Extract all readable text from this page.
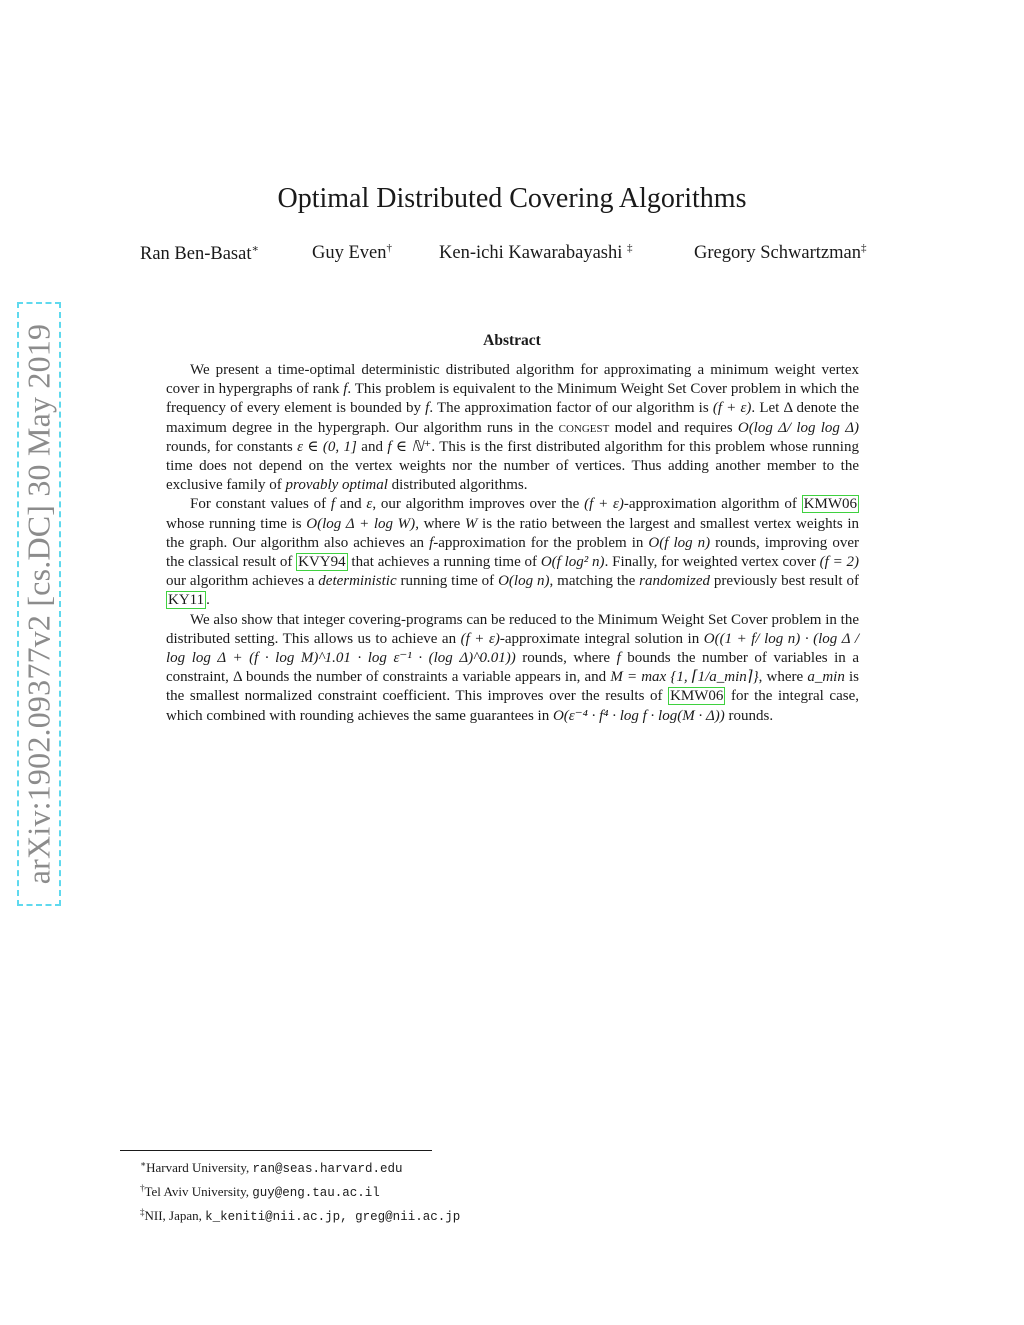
arXiv:1902.09377v2 [cs.DC] 30 May 2019
Optimal Distributed Covering Algorithms
Ran Ben-Basat∗	Guy Even†	Ken-ichi Kawarabayashi ‡	Gregory Schwartzman‡
Abstract

We present a time-optimal deterministic distributed algorithm for approximating a minimum weight vertex cover in hypergraphs of rank f. This problem is equivalent to the Minimum Weight Set Cover problem in which the frequency of every element is bounded by f. The approximation factor of our algorithm is (f + ε). Let Δ denote the maximum degree in the hypergraph. Our algorithm runs in the congest model and requires O(log Δ/ log log Δ) rounds, for constants ε ∈ (0, 1] and f ∈ ℕ⁺. This is the first distributed algorithm for this problem whose running time does not depend on the vertex weights nor the number of vertices. Thus adding another member to the exclusive family of provably optimal distributed algorithms.

For constant values of f and ε, our algorithm improves over the (f + ε)-approximation algorithm of KMW06 whose running time is O(log Δ + log W), where W is the ratio between the largest and smallest vertex weights in the graph. Our algorithm also achieves an f-approximation for the problem in O(f log n) rounds, improving over the classical result of KVY94 that achieves a running time of O(f log² n). Finally, for weighted vertex cover (f = 2) our algorithm achieves a deterministic running time of O(log n), matching the randomized previously best result of KY11 .

We also show that integer covering-programs can be reduced to the Minimum Weight Set Cover problem in the distributed setting. This allows us to achieve an (f + ε)-approximate integral solution in O((1 + f/ log n) · (log Δ / log log Δ + (f · log M)^1.01 · log ε⁻¹ · (log Δ)^0.01)) rounds, where f bounds the number of variables in a constraint, Δ bounds the number of constraints a variable appears in, and M = max {1, ⌈1/a_min⌉}, where a_min is the smallest normalized constraint coefficient. This improves over the results of KMW06 for the integral case, which combined with rounding achieves the same guarantees in O(ε⁻⁴ · f⁴ · log f · log(M · Δ)) rounds.

∗Harvard University, ran@seas.harvard.edu
†Tel Aviv University, guy@eng.tau.ac.il
‡NII, Japan, k_keniti@nii.ac.jp, greg@nii.ac.jp
